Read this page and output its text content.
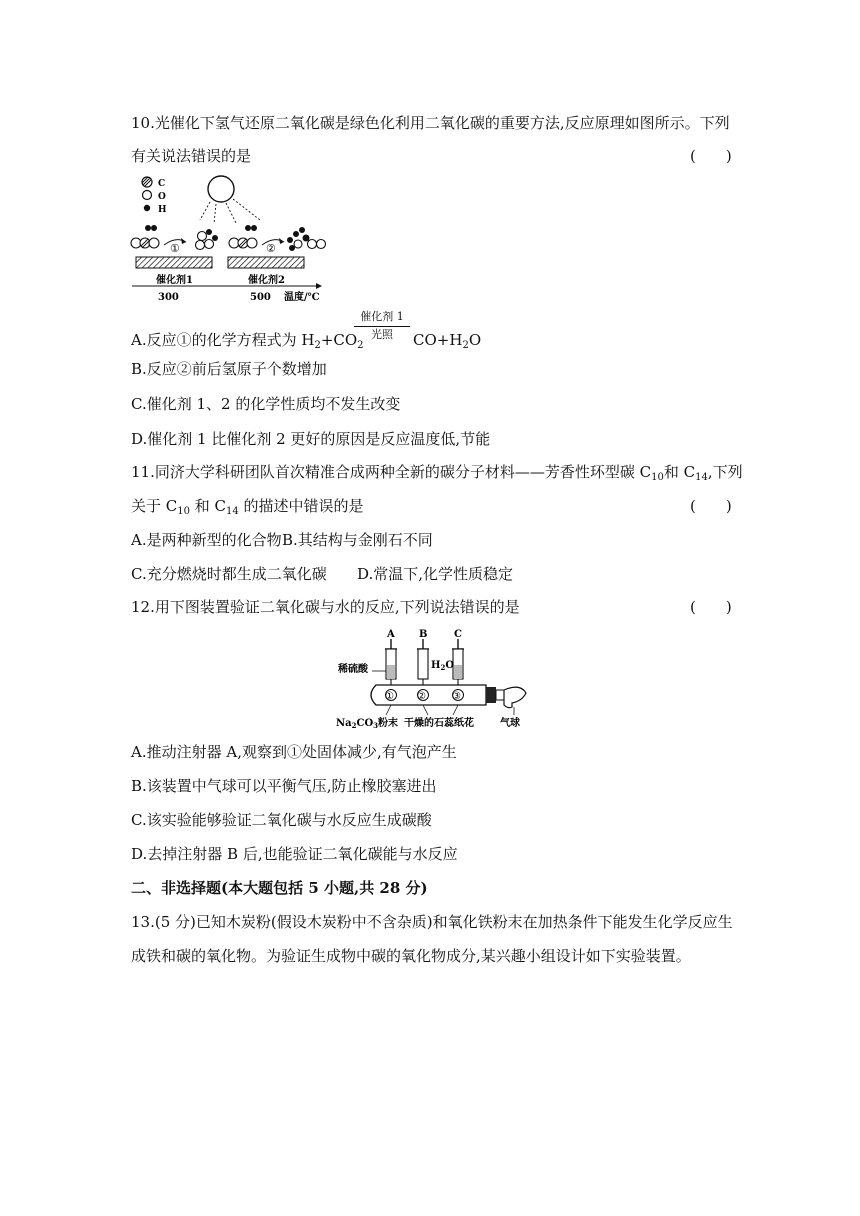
10.光催化下氢气还原二氧化碳是绿色化利用二氧化碳的重要方法,反应原理如图所示。下列
有关说法错误的是	(　　)
C
O
H
①	②
催化剂1	催化剂2
300	500 温度/℃
A.反应①的化学方程式为 $H_2+CO_2$
催化剂 1
光照	$CO+H_2O$
B.反应②前后氢原子个数增加
C.催化剂 1、2 的化学性质均不发生改变
D.催化剂 1 比催化剂 2 更好的原因是反应温度低,节能
11.同济大学科研团队首次精准合成两种全新的碳分子材料——芳香性环型碳 $C_{10}$和 $C_{14}$,下列
关于 $C_{10}$ 和 $C_{14}$ 的描述中错误的是	(　　)
A.是两种新型的化合物 B.其结构与金刚石不同
C.充分燃烧时都生成二氧化碳 D.常温下,化学性质稳定
12.用下图装置验证二氧化碳与水的反应,下列说法错误的是	(　　)
A B	C
稀硫酸	$H_2O$
① ②	③
$Na_2CO_3$粉末 干燥的石蕊纸花	气球
A.推动注射器 A,观察到①处固体减少,有气泡产生
B.该装置中气球可以平衡气压,防止橡胶塞进出
C.该实验能够验证二氧化碳与水反应生成碳酸
D.去掉注射器 B 后,也能验证二氧化碳能与水反应
二、非选择题(本大题包括 5 小题,共 28 分)
13.(5 分)已知木炭粉(假设木炭粉中不含杂质)和氧化铁粉末在加热条件下能发生化学反应生
成铁和碳的氧化物。为验证生成物中碳的氧化物成分,某兴趣小组设计如下实验装置。
